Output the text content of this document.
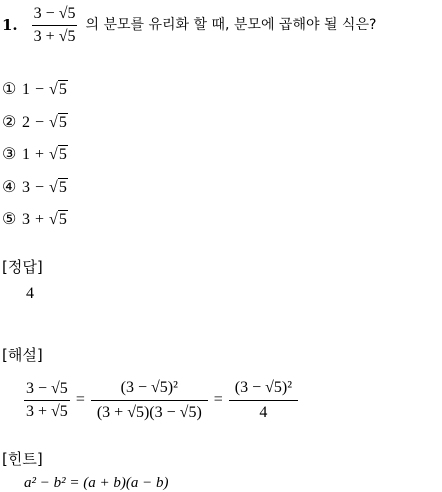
1. $\frac{3 - √5}{3 + √5}$ 의 분모를 유리화 할 때, 분모에 곱해야 될 식은?
① 1 − √5
② 2 − √5
③ 1 + √5
④ 3 − √5
⑤ 3 + √5
[정답]
4
[해설]
$\frac{3 - √5}{3 + √5} = \frac{\text{(3 − √5)²}}{(3 + √5)(3 - √5)} = \frac{\text{(3 − √5)²}}{4}$
[힌트]
a² − b² = (a + b)(a − b)
